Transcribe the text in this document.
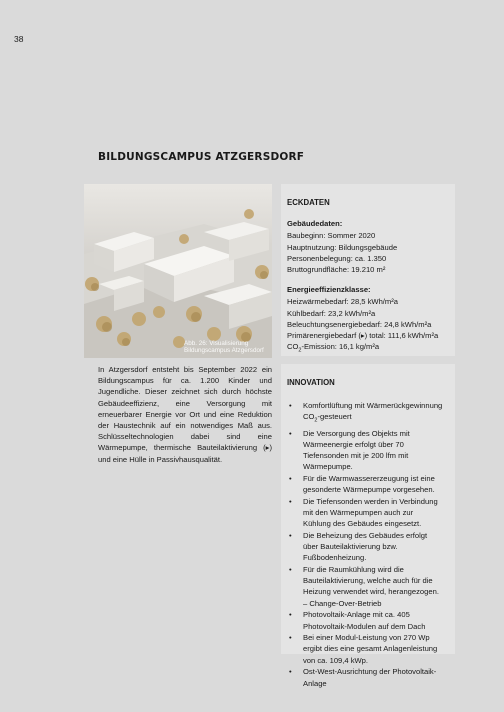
38
BILDUNGSCAMPUS ATZGERSDORF
Abb. 26: Visualisierung Bildungscampus Atzgersdorf
In Atzgersdorf entsteht bis September 2022 ein Bildungscampus für ca. 1.200 Kinder und Jugendliche. Dieser zeichnet sich durch höchste Gebäudeeffizienz, eine Versorgung mit erneuerbarer Energie vor Ort und eine Reduktion der Haustechnik auf ein notwendiges Maß aus. Schlüsseltechnologien dabei sind eine Wärmepumpe, thermische Bauteilaktivierung (▸) und eine Hülle in Passivhausqualität.
ECKDATEN
Gebäudedaten:
Baubeginn: Sommer 2020
Hauptnutzung: Bildungsgebäude
Personenbelegung: ca. 1.350
Bruttogrundfläche: 19.210 m²
Energieeffizienzklasse:
Heizwärmebedarf: 28,5 kWh/m²a
Kühlbedarf: 23,2 kWh/m²a
Beleuchtungsenergiebedarf: 24,8 kWh/m²a
Primärenergiebedarf (▸) total: 111,6 kWh/m²a
$CO_2$-Emission: 16,1 kg/m²a
INNOVATION
• Komfortlüftung mit Wärmerückgewinnung $CO_2$-gesteuert
• Die Versorgung des Objekts mit Wärmeenergie erfolgt über 70 Tiefensonden mit je 200 lfm mit Wärmepumpe.
• Für die Warmwassererzeugung ist eine gesonderte Wärmepumpe vorgesehen.
• Die Tiefensonden werden in Verbindung mit den Wärmepumpen auch zur Kühlung des Gebäudes eingesetzt.
• Die Beheizung des Gebäudes erfolgt über Bauteilaktivierung bzw. Fußbodenheizung.
• Für die Raumkühlung wird die Bauteilaktivierung, welche auch für die Heizung verwendet wird, herangezogen. – Change-Over-Betrieb
• Photovoltaik-Anlage mit ca. 405 Photovoltaik-Modulen auf dem Dach
• Bei einer Modul-Leistung von 270 Wp ergibt dies eine gesamt Anlagenleistung von ca. 109,4 kWp.
• Ost-West-Ausrichtung der Photovoltaik-Anlage
